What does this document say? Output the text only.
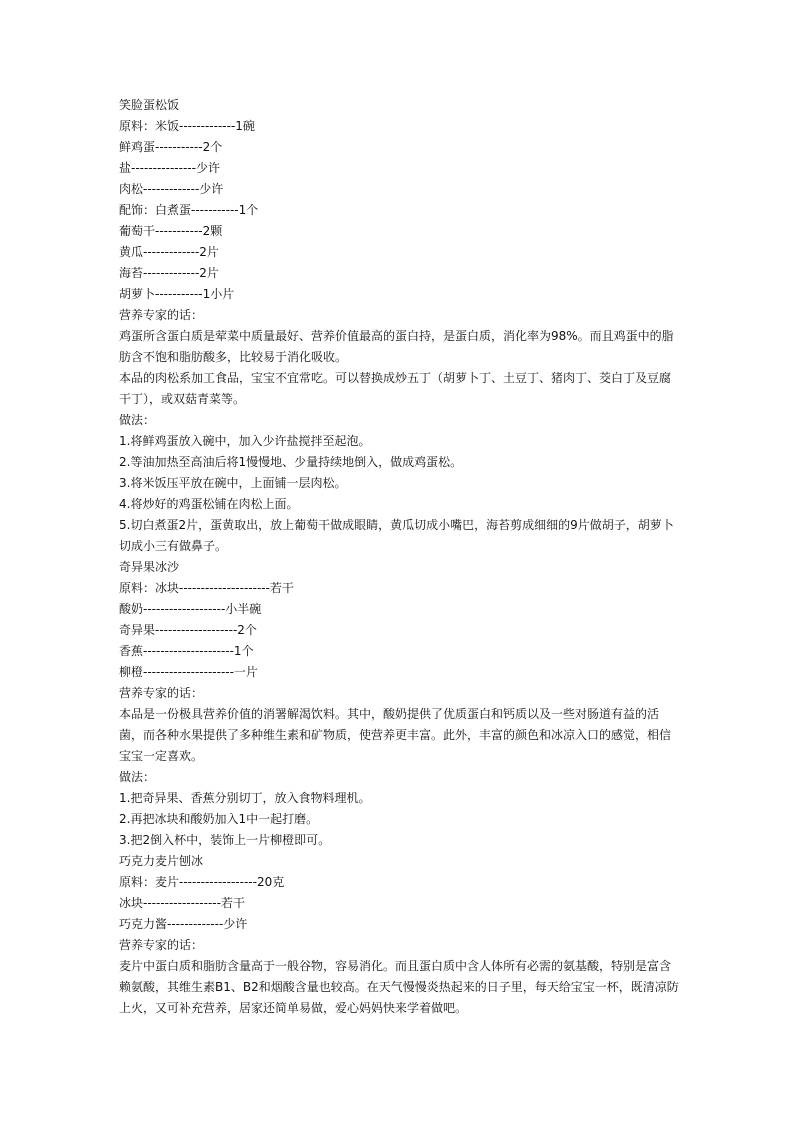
笑脸蛋松饭
原料：米饭-------------1碗
鲜鸡蛋-----------2个
盐---------------少许
肉松-------------少许
配饰：白煮蛋-----------1个
葡萄干-----------2颗
黄瓜-------------2片
海苔-------------2片
胡萝卜-----------1小片
营养专家的话：
鸡蛋所含蛋白质是荤菜中质量最好、营养价值最高的蛋白持，是蛋白质，消化率为98%。而且鸡蛋中的脂肪含不饱和脂肪酸多，比较易于消化吸收。
本品的肉松系加工食品，宝宝不宜常吃。可以替换成炒五丁（胡萝卜丁、土豆丁、猪肉丁、茭白丁及豆腐干丁），或双菇青菜等。
做法：
1.将鲜鸡蛋放入碗中，加入少许盐搅拌至起泡。
2.等油加热至高油后将1慢慢地、少量持续地倒入，做成鸡蛋松。
3.将米饭压平放在碗中，上面铺一层肉松。
4.将炒好的鸡蛋松铺在肉松上面。
5.切白煮蛋2片，蛋黄取出，放上葡萄干做成眼睛，黄瓜切成小嘴巴，海苔剪成细细的9片做胡子，胡萝卜切成小三有做鼻子。
奇异果冰沙
原料：冰块---------------------若干
酸奶-------------------小半碗
奇异果-------------------2个
香蕉---------------------1个
柳橙---------------------一片
营养专家的话：
本品是一份极具营养价值的消署解渴饮料。其中，酸奶提供了优质蛋白和钙质以及一些对肠道有益的活菌，而各种水果提供了多种维生素和矿物质，使营养更丰富。此外，丰富的颜色和冰凉入口的感觉，相信宝宝一定喜欢。
做法：
1.把奇异果、香蕉分别切丁，放入食物料理机。
2.再把冰块和酸奶加入1中一起打磨。
3.把2倒入杯中，装饰上一片柳橙即可。
巧克力麦片刨冰
原料：麦片------------------20克
冰块------------------若干
巧克力酱-------------少许
营养专家的话：
麦片中蛋白质和脂肪含量高于一般谷物，容易消化。而且蛋白质中含人体所有必需的氨基酸，特别是富含赖氨酸，其维生素B1、B2和烟酸含量也较高。在天气慢慢炎热起来的日子里，每天给宝宝一杯，既清凉防上火，又可补充营养，居家还简单易做，爱心妈妈快来学着做吧。
